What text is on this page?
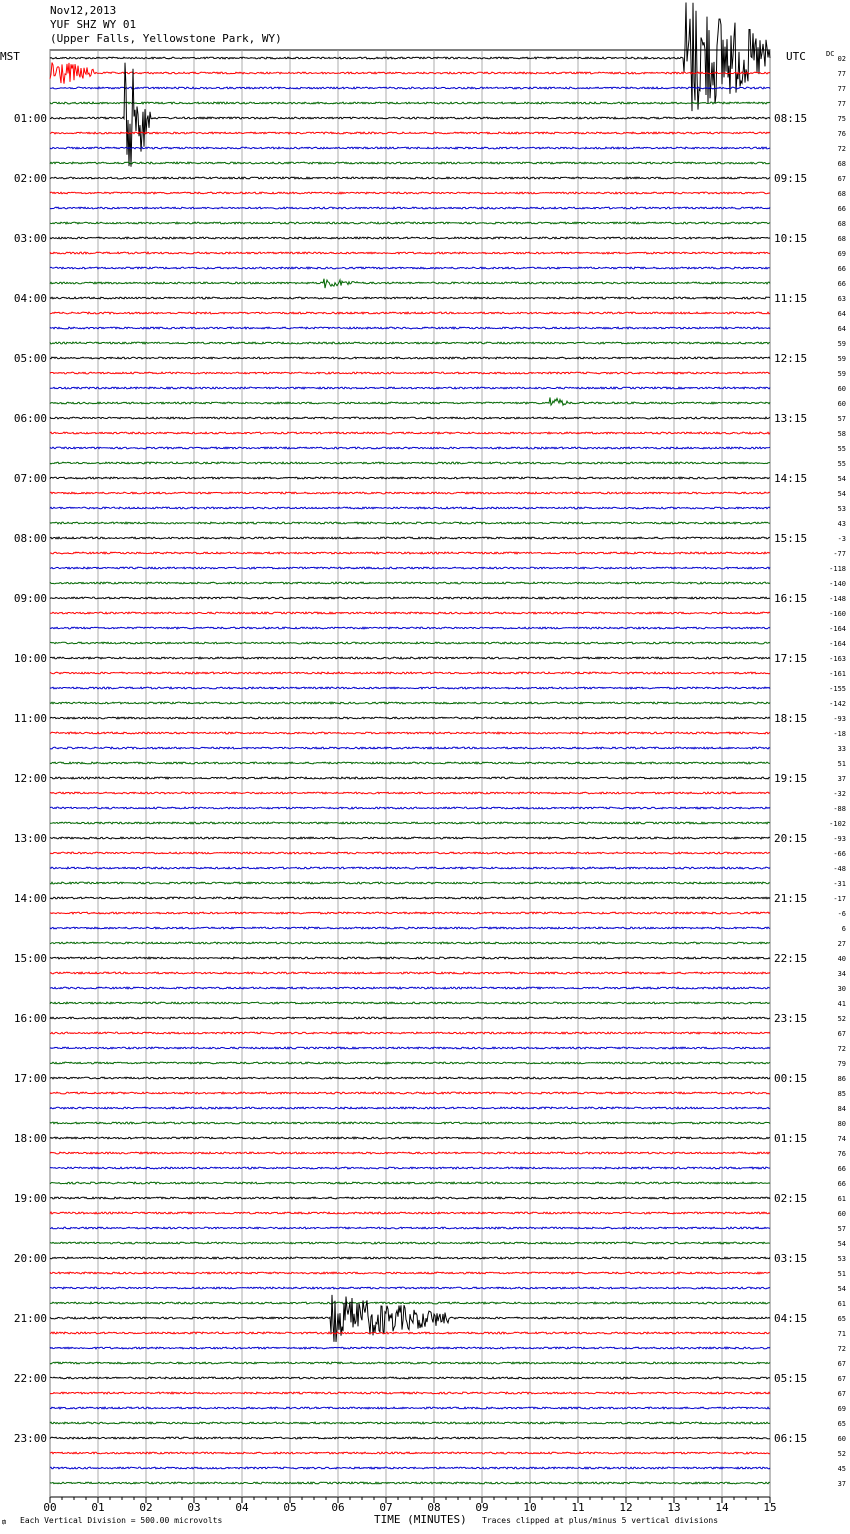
MST	UTC	DC
TIME (MINUTES)
₥ Each Vertical Division = 500.00 microvolts	Traces clipped at plus/minus 5 vertical divisions
00	01	02	03	04	05	06	07	08	09	10	11	12	13	14	15
02
77
77
77
75
76
72
68
67
68
66
68
68
69
66
66
63
64
64
59
59
59
60
60
57
58
55
55
54
54
53
43
-3
-77
-118
-140
-148
-160
-164
-164
-163
-161
-155
-142
-93
-18
33
51
37
-32
-88
-102
-93
-66
-48
-31
-17
-6
6
27
40
34
30
41
52
67
72
79
86
85
84
80
74
76
66
66
61
60
57
54
53
51
54
61
65
71
72
67
67
67
69
65
60
52
45
37
01:00
02:00
03:00
04:00
05:00
06:00
07:00
08:00
09:00
10:00
11:00
12:00
13:00
14:00
15:00
16:00
17:00
18:00
19:00
20:00
21:00
22:00
23:00
08:15
09:15
10:15
11:15
12:15
13:15
14:15
15:15
16:15
17:15
18:15
19:15
20:15
21:15
22:15
23:15
00:15
01:15
02:15
03:15
04:15
05:15
06:15
Nov12,2013
YUF SHZ WY 01
(Upper Falls, Yellowstone Park, WY)
